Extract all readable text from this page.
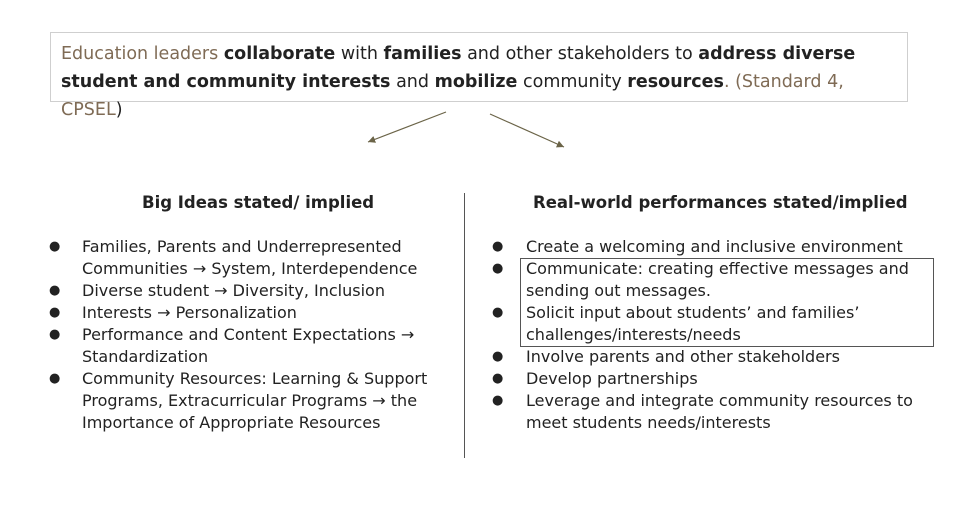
Education leaders collaborate with families and other stakeholders to address diverse student and community interests and mobilize community resources. (Standard 4, CPSEL)
Big Ideas stated/ implied	Real-world performances stated/implied
● Families, Parents and Underrepresented Communities → System, Interdependence
● Diverse student → Diversity, Inclusion
● Interests → Personalization
● Performance and Content Expectations → Standardization
● Community Resources: Learning & Support Programs, Extracurricular Programs → the Importance of Appropriate Resources
● Create a welcoming and inclusive environment
● Communicate: creating effective messages and sending out messages.
● Solicit input about students’ and families’ challenges/interests/needs
● Involve parents and other stakeholders
● Develop partnerships
● Leverage and integrate community resources to meet students needs/interests
